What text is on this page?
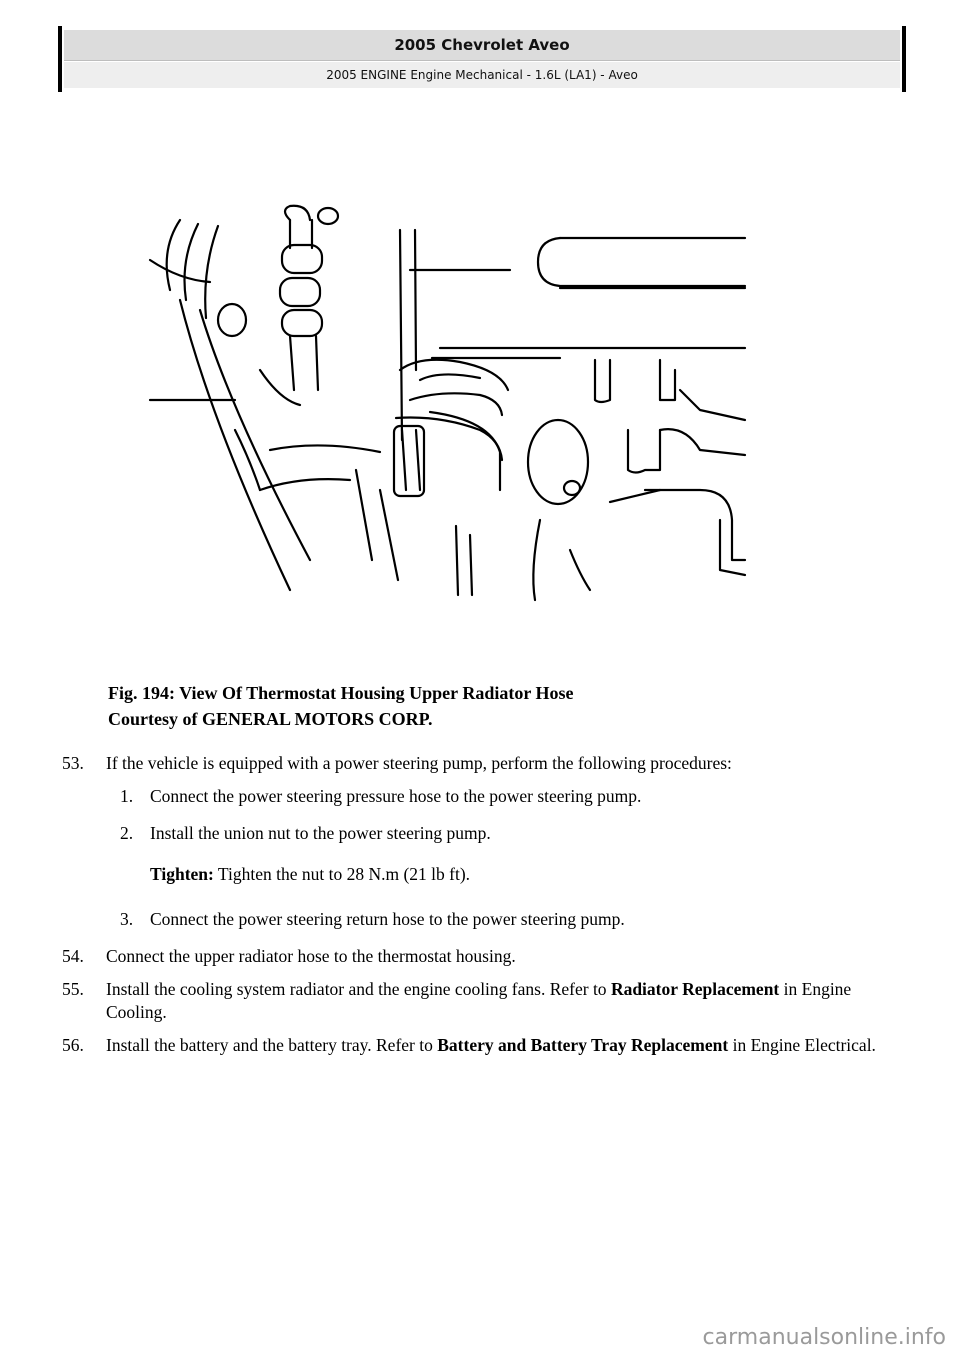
2005 Chevrolet Aveo
2005 ENGINE Engine Mechanical - 1.6L (LA1) - Aveo
Fig. 194: View Of Thermostat Housing Upper Radiator Hose
Courtesy of GENERAL MOTORS CORP.
53. If the vehicle is equipped with a power steering pump, perform the following procedures:
1. Connect the power steering pressure hose to the power steering pump.
2. Install the union nut to the power steering pump.
Tighten: Tighten the nut to 28 N.m (21 lb ft).
3. Connect the power steering return hose to the power steering pump.
54. Connect the upper radiator hose to the thermostat housing.
55. Install the cooling system radiator and the engine cooling fans. Refer to Radiator Replacement in Engine Cooling.
56. Install the battery and the battery tray. Refer to Battery and Battery Tray Replacement in Engine Electrical.
carmanualsonline.info
